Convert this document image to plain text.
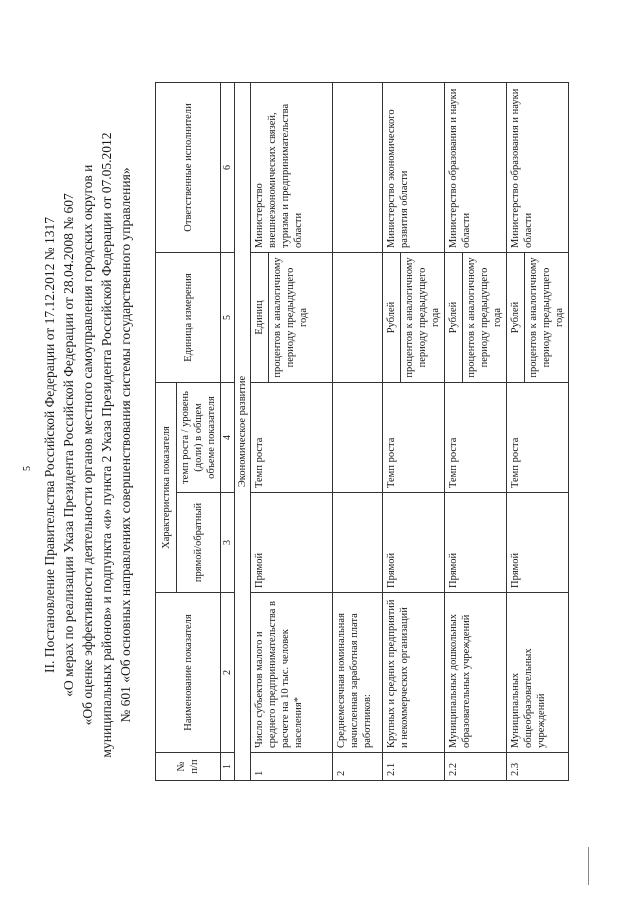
5 II. Постановление Правительства Российской Федерации от 17.12.2012 № 1317 «О мерах по реализации Указа Президента Российской Федерации от 28.04.2008 № 607 «Об оценке эффективности деятельности органов местного самоуправления городских округов и муниципальных районов» и подпункта «и» пункта 2 Указа Президента Российской Федерации от 07.05.2012 № 601 «Об основных направлениях совершенствования системы государственного управления»
№ п/п	Наименование показателя	Характеристика показателя		Единица измерения	Ответственные исполнители
		прямой/обратный	темп роста / уровень (доли) в общем объеме показателя		
1	2	3	4	5	6
Экономическое развитие					
1	Число субъектов малого и среднего предпринимательства в расчете на 10 тыс. человек населения*	Прямой	Темп роста	Единиц процентов к аналогичному периоду предыдущего года	Министерство внешнеэкономических связей, туризма и предпринимательства области
2	Среднемесячная номинальная начисленная заработная плата работников:				
2.1	Крупных и средних предприятий и некоммерческих организаций	Прямой	Темп роста	Рублей процентов к аналогичному периоду предыдущего года	Министерство экономического развития области
2.2	Муниципальных дошкольных образовательных учреждений	Прямой	Темп роста	Рублей процентов к аналогичному периоду предыдущего года	Министерство образования и науки области
2.3	Муниципальных общеобразовательных учреждений	Прямой	Темп роста	Рублей процентов к аналогичному периоду предыдущего года	Министерство образования и науки области
